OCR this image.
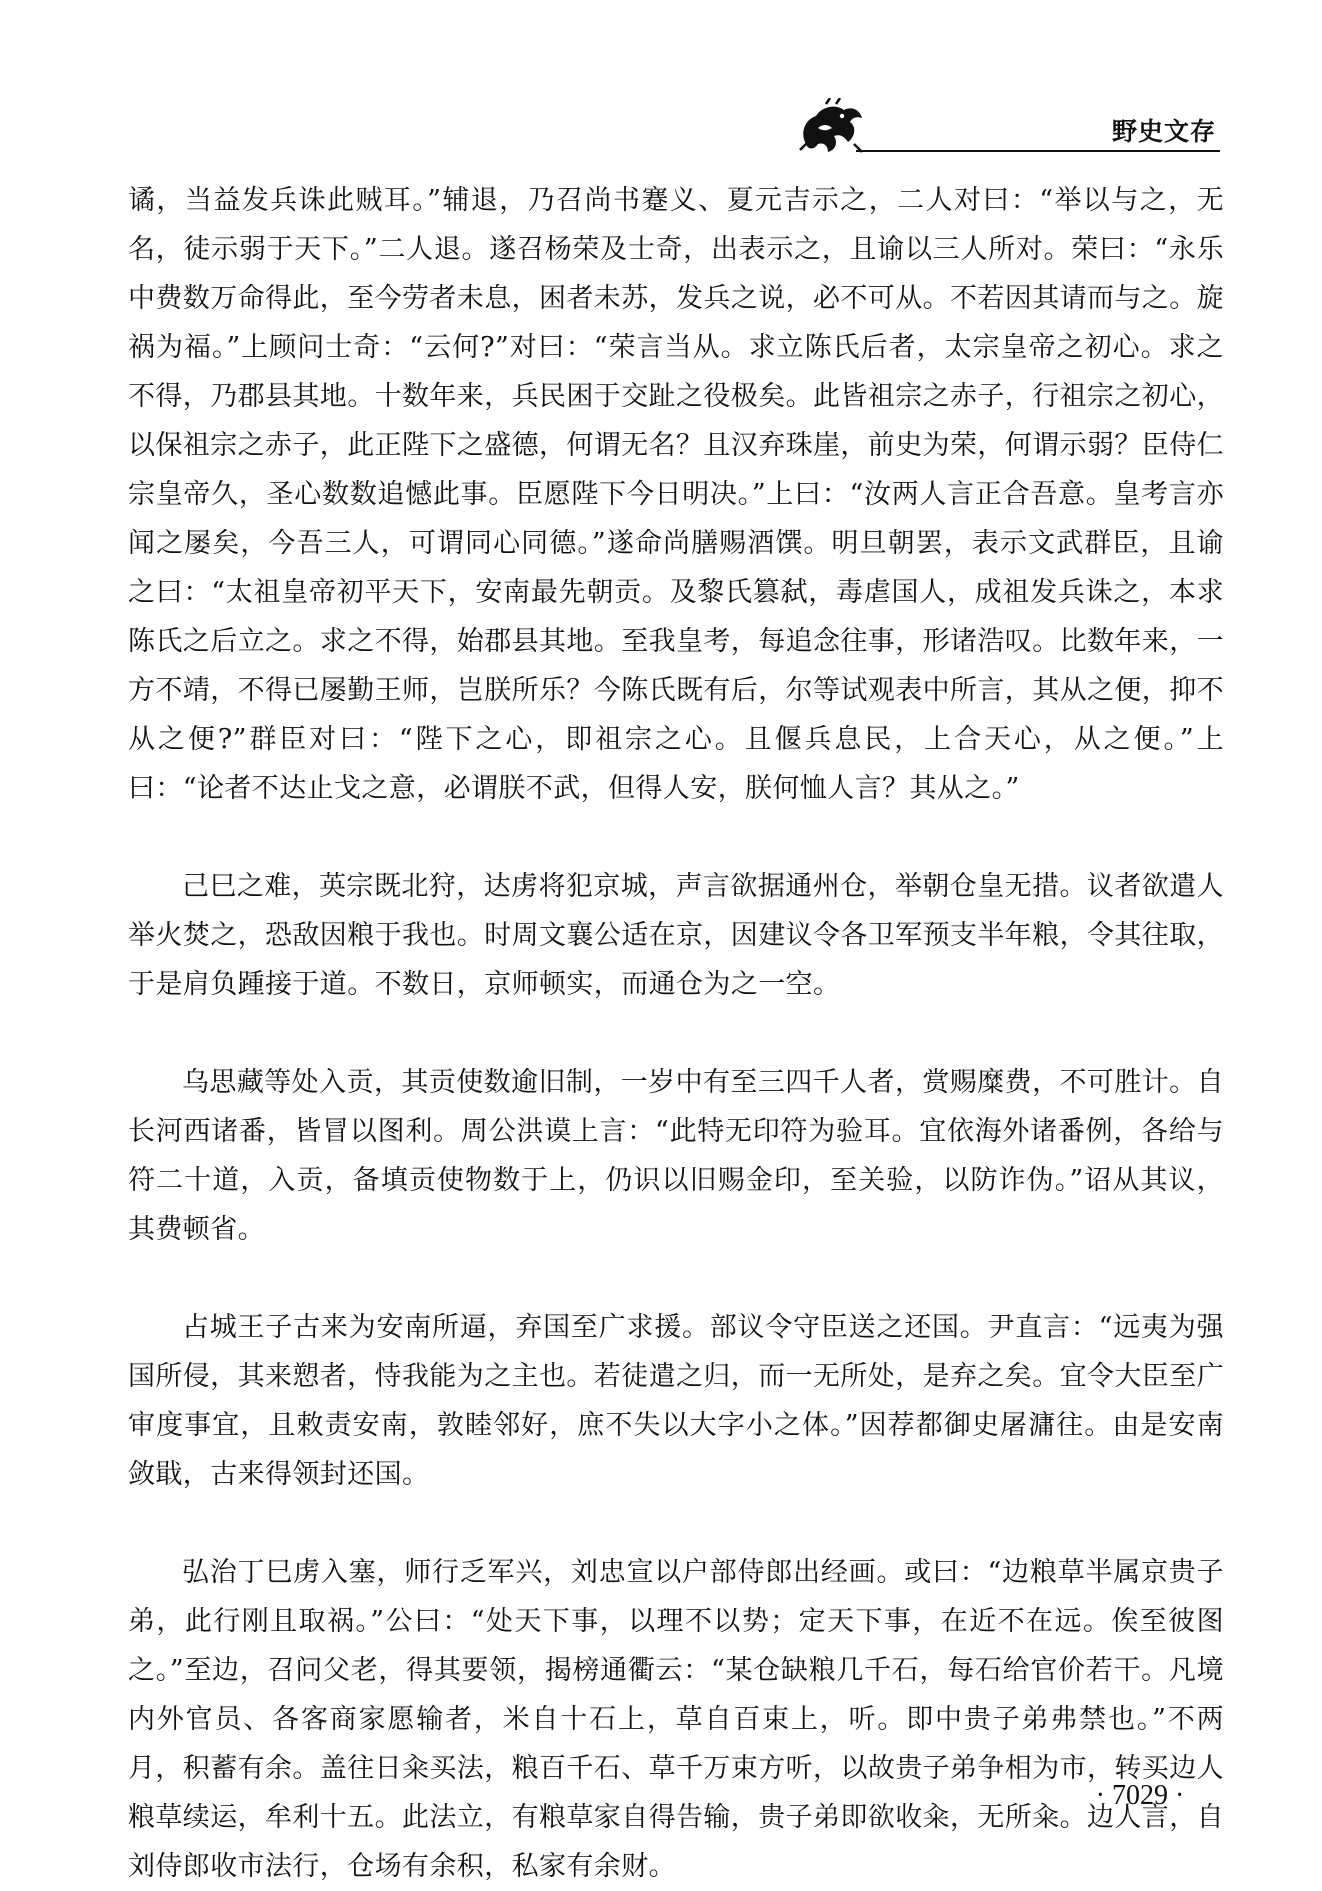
野史文存

谲，当益发兵诛此贼耳。”辅退，乃召尚书蹇义、夏元吉示之，二人对曰：“举以与之，无名，徒示弱于天下。”二人退。遂召杨荣及士奇，出表示之，且谕以三人所对。荣曰：“永乐中费数万命得此，至今劳者未息，困者未苏，发兵之说，必不可从。不若因其请而与之。旋祸为福。”上顾问士奇：“云何?”对曰：“荣言当从。求立陈氏后者，太宗皇帝之初心。求之不得，乃郡县其地。十数年来，兵民困于交趾之役极矣。此皆祖宗之赤子，行祖宗之初心，以保祖宗之赤子，此正陛下之盛德，何谓无名？且汉弃珠崖，前史为荣，何谓示弱？臣侍仁宗皇帝久，圣心数数追憾此事。臣愿陛下今日明决。”上曰：“汝两人言正合吾意。皇考言亦闻之屡矣，今吾三人，可谓同心同德。”遂命尚膳赐酒馔。明旦朝罢，表示文武群臣，且谕之曰：“太祖皇帝初平天下，安南最先朝贡。及黎氏篡弑，毒虐国人，成祖发兵诛之，本求陈氏之后立之。求之不得，始郡县其地。至我皇考，每追念往事，形诸浩叹。比数年来，一方不靖，不得已屡勤王师，岂朕所乐？今陈氏既有后，尔等试观表中所言，其从之便，抑不从之便?”群臣对曰：“陛下之心，即祖宗之心。且偃兵息民，上合天心，从之便。”上曰：“论者不达止戈之意，必谓朕不武，但得人安，朕何恤人言？其从之。”

己巳之难，英宗既北狩，达虏将犯京城，声言欲据通州仓，举朝仓皇无措。议者欲遣人举火焚之，恐敌因粮于我也。时周文襄公适在京，因建议令各卫军预支半年粮，令其往取，于是肩负踵接于道。不数日，京师顿实，而通仓为之一空。

乌思藏等处入贡，其贡使数逾旧制，一岁中有至三四千人者，赏赐糜费，不可胜计。自长河西诸番，皆冒以图利。周公洪谟上言：“此特无印符为验耳。宜依海外诸番例，各给与符二十道，入贡，备填贡使物数于上，仍识以旧赐金印，至关验，以防诈伪。”诏从其议，其费顿省。

占城王子古来为安南所逼，弃国至广求援。部议令守臣送之还国。尹直言：“远夷为强国所侵，其来愬者，恃我能为之主也。若徒遣之归，而一无所处，是弃之矣。宜令大臣至广审度事宜，且敕责安南，敦睦邻好，庶不失以大字小之体。”因荐都御史屠滽往。由是安南敛戢，古来得领封还国。

弘治丁巳虏入塞，师行乏军兴，刘忠宣以户部侍郎出经画。或曰：“边粮草半属京贵子弟，此行刚且取祸。”公曰：“处天下事，以理不以势；定天下事，在近不在远。俟至彼图之。”至边，召问父老，得其要领，揭榜通衢云：“某仓缺粮几千石，每石给官价若干。凡境内外官员、各客商家愿输者，米自十石上，草自百束上，听。即中贵子弟弗禁也。”不两月，积蓄有余。盖往日籴买法，粮百千石、草千万束方听，以故贵子弟争相为市，转买边人粮草续运，牟利十五。此法立，有粮草家自得告输，贵子弟即欲收籴，无所籴。边人言，自刘侍郎收市法行，仓场有余积，私家有余财。

· 7029 ·
